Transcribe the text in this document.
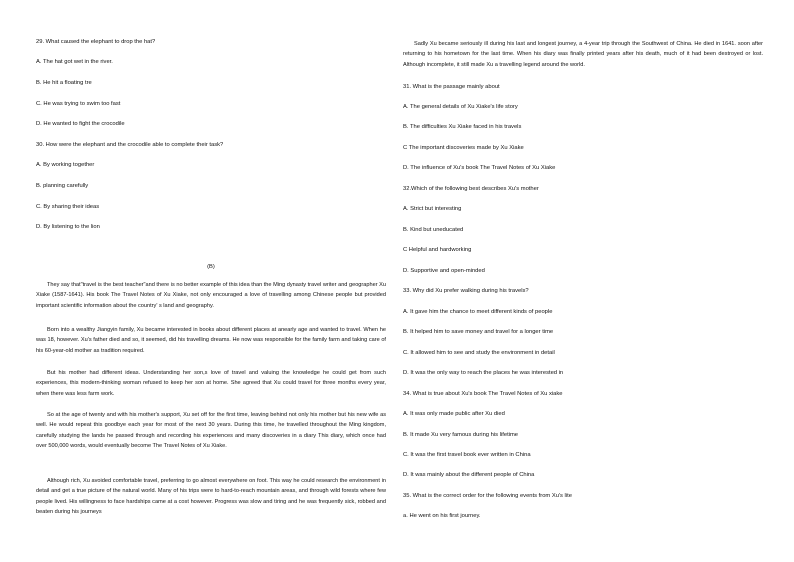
29. What caused the elephant to drop the hat?
A. The hat got wet in the river.
B. He hit a floating tre
C. He was trying to swim too fast
D. He wanted to fight the crocodile
30. How were the elephant and the crocodile able to complete their task?
A. By working together
B. planning carefully
C. By sharing their ideas
D. By listening to the lion
(B)
They say that"travel is the best teacher"and there is no better example of this idea than the Ming dynasty travel writer and geographer Xu Xiake (1587-1641). His book The Travel Notes of Xu Xiake, not only encouraged a love of travelling among Chinese people but provided important scientific information about the country' s land and geography.
Born into a wealthy Jiangyin family, Xu became interested in books about different places at anearly age and wanted to travel. When he was 18, however. Xu's father died and so, it seemed, did his travelling dreams. He now was responsible for the family farm and taking care of his 60-year-old mother as tradition required.
But his mother had different ideas. Understanding her son,s love of travel and valuing the knowledge he could get from such experiences, this modern-thinking woman refused to keep her son at home. She agreed that Xu could travel for three months every year, when there was less farm work.
So at the age of twenty and with his mother's support, Xu set off for the first time, leaving behind not only his mother but his new wife as well. He would repeat this goodbye each year for most of the next 30 years. During this time, he travelled throughout the Ming kingdom, carefully studying the lands he passed through and recording his experiences and many discoveries in a diary This diary, which once had over 500,000 words, would eventually become The Travel Notes of Xu Xiake.
Although rich, Xu avoided comfortable travel, preferring to go almost everywhere on foot. This way he could research the environment in detail and get a true picture of the natural world. Many of his trips were to hard-to-reach mountain areas, and through wild forests where few people lived. His willingness to face hardships came at a cost however. Progress was slow and tiring and he was frequently sick, robbed and beaten during his journeys
Sadly Xu became seriously ill during his last and longest journey, a 4-year trip through the Southwest of China. He died in 1641. soon after returning to his hometown for the last time. When his diary was finally printed years after his death, much of it had been destroyed or lost. Although incomplete, it still made Xu a travelling legend around the world.
31. What is the passage mainly about
A. The general details of Xu Xiake's life story
B. The difficulties Xu Xiake faced in his travels
C The important discoveries made by Xu Xiake
D. The influence of Xu's book The Travel Notes of Xu Xiake
32.Which of the following best describes Xu's mother
A. Strict but interesting
B. Kind but uneducated
C Helpful and hardworking
D. Supportive and open-minded
33. Why did Xu prefer walking during his travels?
A. It gave him the chance to meet different kinds of people
B. It helped him to save money and travel for a longer time
C. It allowed him to see and study the environment in detail
D. It was the only way to reach the places he was interested in
34. What is true about Xu's book The Travel Notes of Xu xiake
A. It was only made public after Xu died
B. It made Xu very famous during his lifetime
C. It was the first travel book ever written in China
D. It was mainly about the different people of China
35. What is the correct order for the following events from Xu's lite
a. He went on his first journey.
